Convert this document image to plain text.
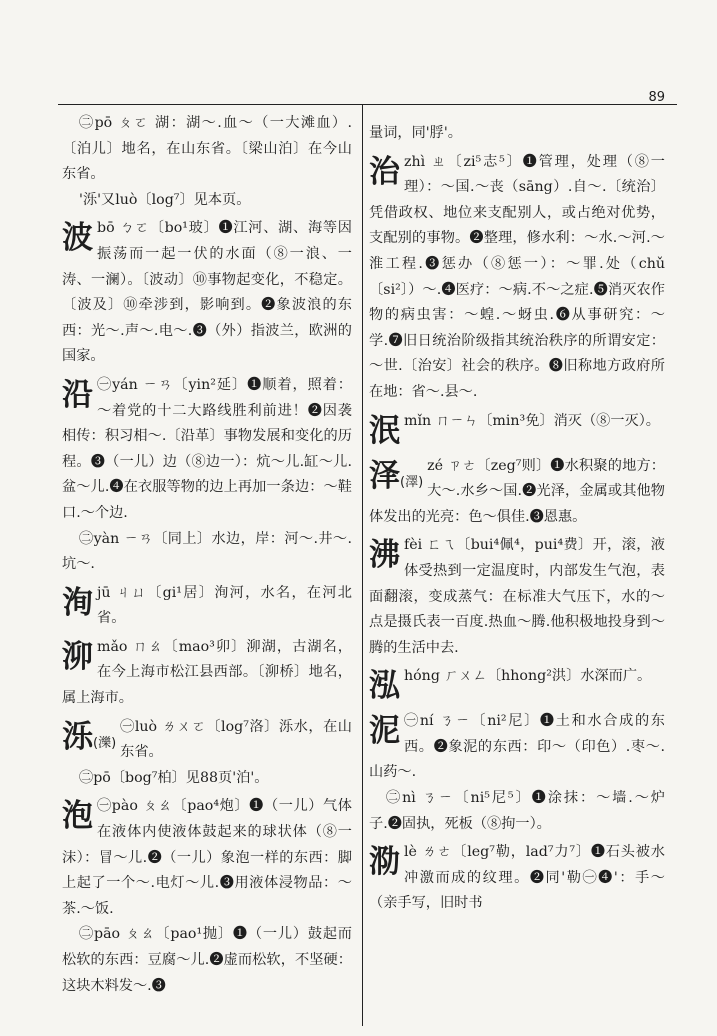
89
㊁pō ㄆㄛ 湖：湖～.血～（一大滩血）.〔泊儿〕地名，在山东省。〔梁山泊〕在今山东省。
'泺'又luò〔log⁷〕见本页。
波bō ㄅㄛ〔bo¹玻〕❶江河、湖、海等因振荡而一起一伏的水面（⑧一浪、一涛、一澜）。〔波动〕⑩事物起变化，不稳定。〔波及〕⑩牵涉到，影响到。❷象波浪的东西：光～.声～.电～.❸（外）指波兰，欧洲的国家。
沿 ㊀yán ㄧㄢ〔yin²延〕❶顺着，照着：～着党的十二大路线胜利前进！❷因袭相传：积习相～.〔沿革〕事物发展和变化的历程。❸（一儿）边（⑧边一）：炕～儿.缸～儿.盆～儿.❹在衣服等物的边上再加一条边：～鞋口.～个边.
㊁yàn ㄧㄢ〔同上〕水边，岸：河～.井～.坑～.
洵jū ㄐㄩ〔gi¹居〕洵河，水名，在河北省。
泖mǎo ㄇㄠ〔mao³卯〕泖湖，古湖名，在今上海市松江县西部。〔泖桥〕地名，属上海市。
泺(濼)
㊀luò ㄌㄨㄛ〔log⁷洛〕泺水，在山东省。
㊁pō〔bog⁷柏〕见88页'泊'。
泡 ㊀pào ㄆㄠ〔pao⁴炮〕❶（一儿）气体在液体内使液体鼓起来的球状体（⑧一沫）：冒～儿.❷（一儿）象泡一样的东西：脚上起了一个～.电灯～儿.❸用液体浸物品：～茶.～饭.
㊁pāo ㄆㄠ〔pao¹抛〕❶（一儿）鼓起而松软的东西：豆腐～儿.❷虚而松软，不坚硬：这块木料发～.❸
量词，同'脬'。
治zhì ㄓ〔zi⁵志⁵〕❶管理，处理（⑧一理）：～国.～丧（sāng）.自～.〔统治〕凭借政权、地位来支配别人，或占绝对优势，支配别的事物。❷整理，修水利：～水.～河.～淮工程.❸惩办（⑧惩一）：～罪.处（chǔ〔si²〕）～.❹医疗：～病.不～之症.❺消灭农作物的病虫害：～蝗.～蚜虫.❻从事研究：～学.❼旧日统治阶级指其统治秩序的所谓安定：～世.〔治安〕社会的秩序。❽旧称地方政府所在地：省～.县～.
泯mǐn ㄇㄧㄣ〔min³免〕消灭（⑧一灭）。
泽(澤)
zé ㄗㄜ〔zeg⁷则〕❶水积聚的地方：大～.水乡～国.❷光泽，金属或其他物体发出的光亮：色～俱佳.❸恩惠。
沸fèi ㄈㄟ〔bui⁴佩⁴，pui⁴费〕开，滚，液体受热到一定温度时，内部发生气泡，表面翻滚，变成蒸气：在标准大气压下，水的～点是摄氏表一百度.热血～腾.他积极地投身到～腾的生活中去.
泓hóng ㄏㄨㄥ〔hhong²洪〕水深而广。
泥 ㊀ní ㄋㄧ〔ni²尼〕❶土和水合成的东西。❷象泥的东西：印～（印色）.枣～.山药～.
㊁nì ㄋㄧ〔ni⁵尼⁵〕❶涂抹：～墙.～炉子.❷固执，死板（⑧拘一）。
泐lè ㄌㄜ〔leg⁷勒，lad⁷力⁷〕❶石头被水冲激而成的纹理。❷同'勒㊀❹'：手～（亲手写，旧时书
